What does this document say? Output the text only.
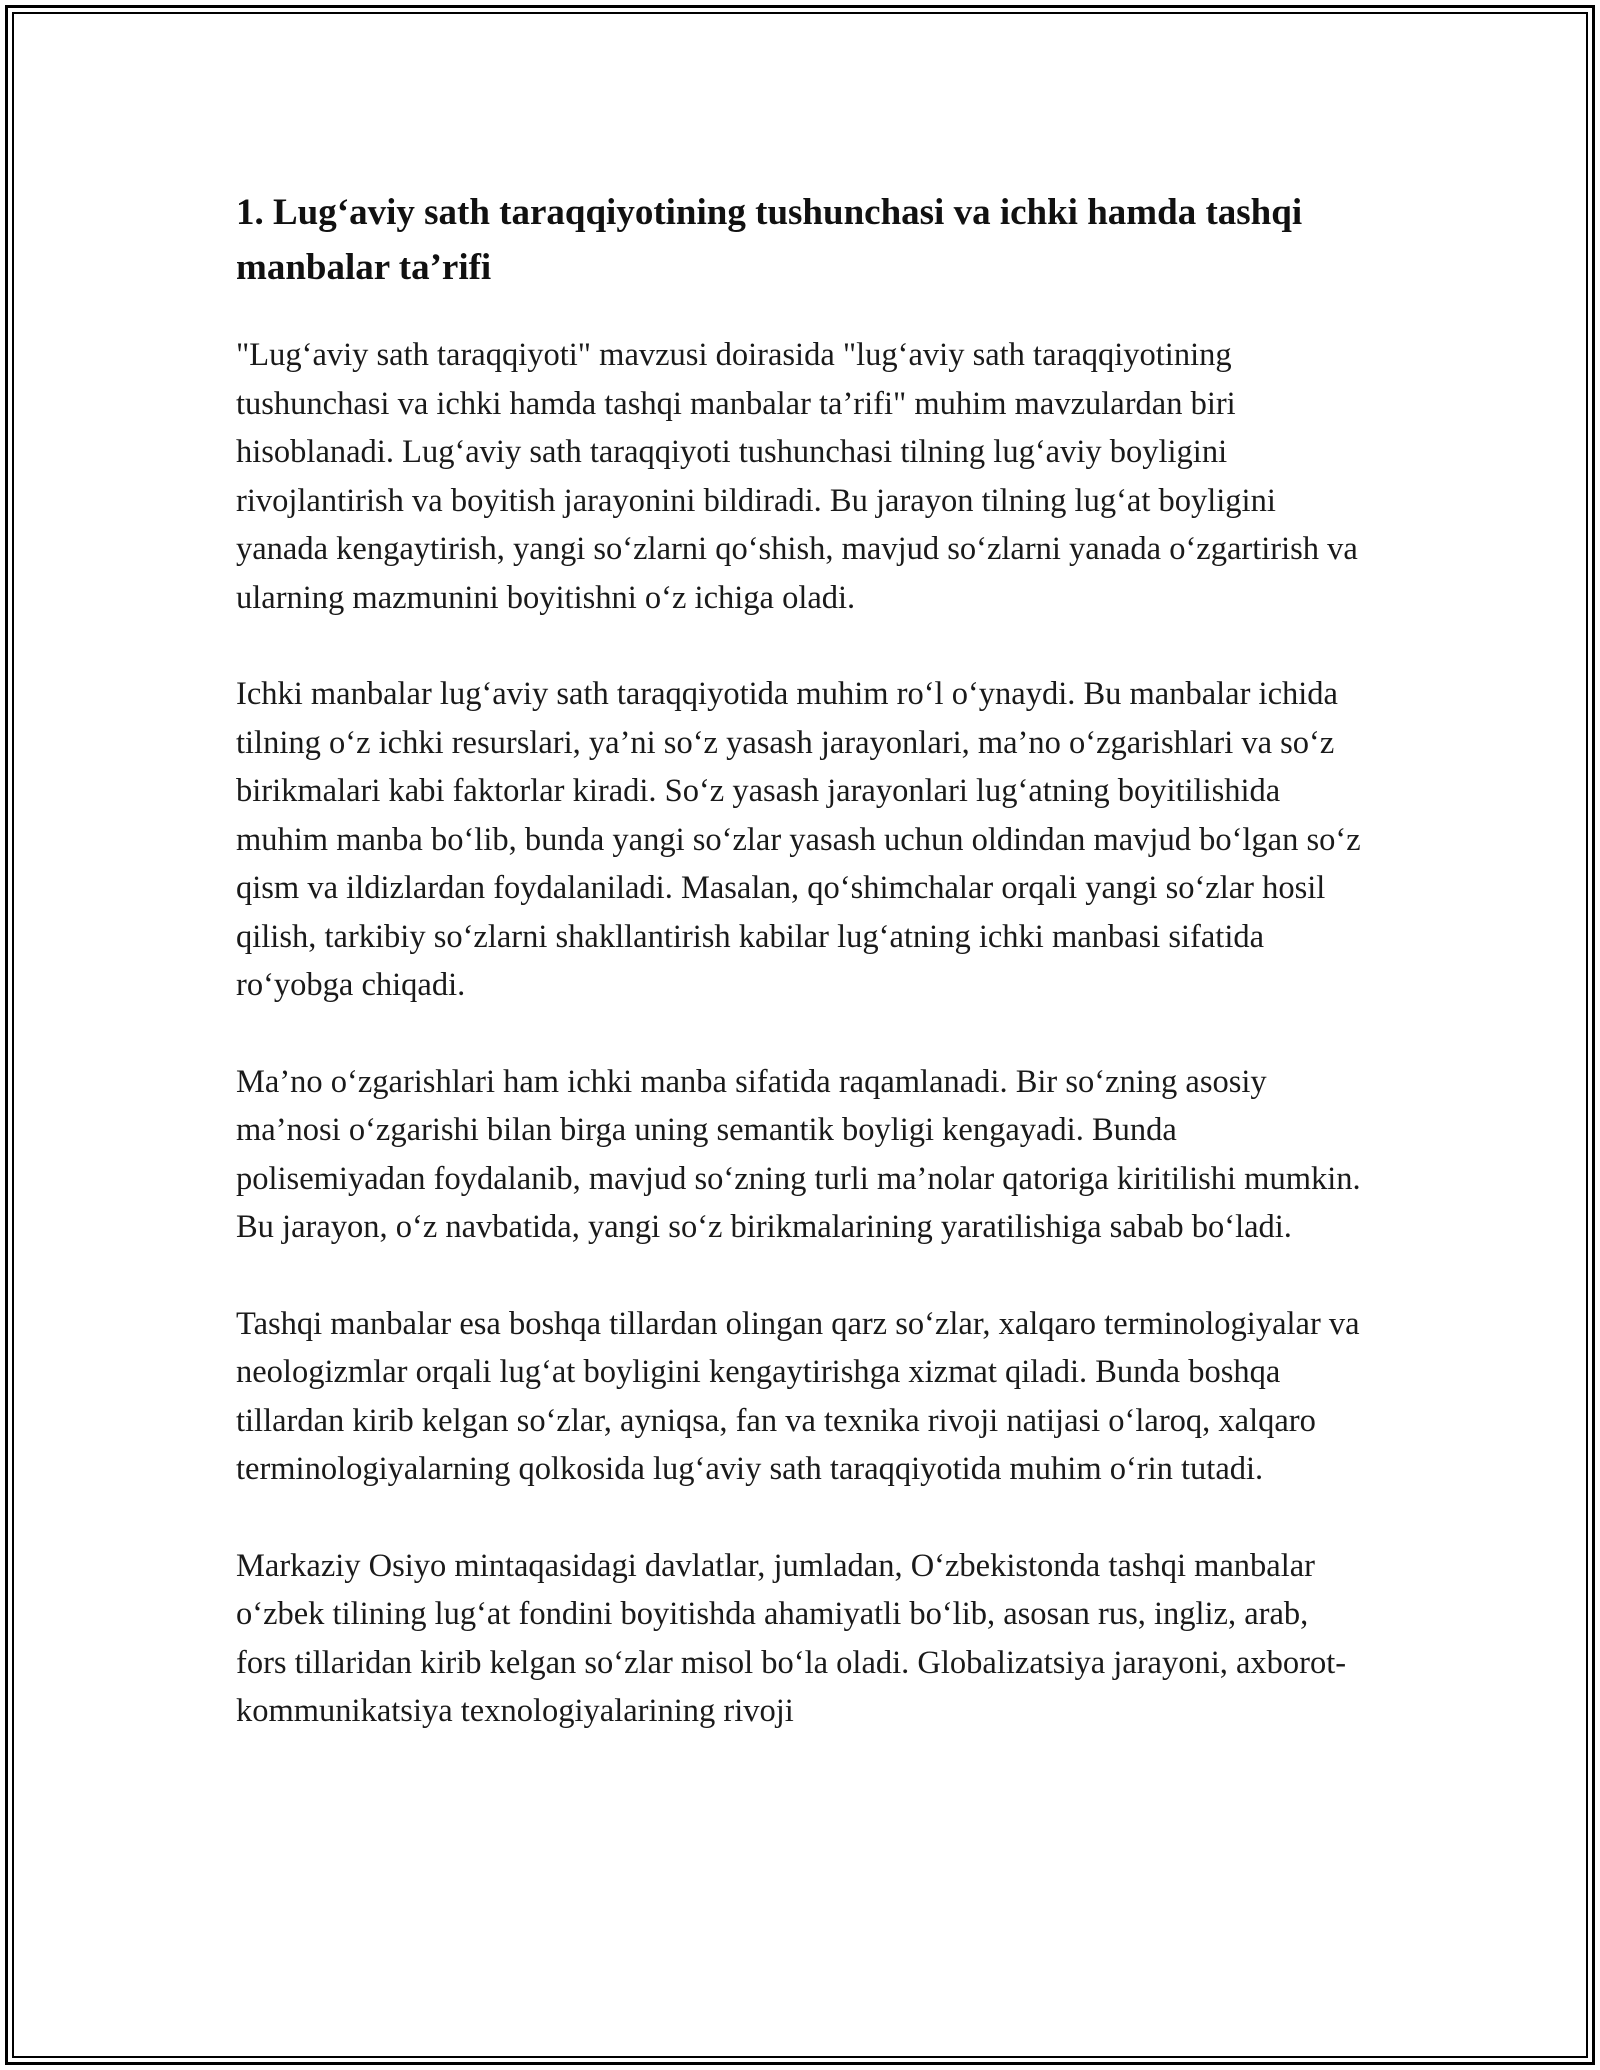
1. Lug‘aviy sath taraqqiyotining tushunchasi va ichki hamda tashqi manbalar ta’rifi

"Lug‘aviy sath taraqqiyoti" mavzusi doirasida "lug‘aviy sath taraqqiyotining tushunchasi va ichki hamda tashqi manbalar ta’rifi" muhim mavzulardan biri hisoblanadi. Lug‘aviy sath taraqqiyoti tushunchasi tilning lug‘aviy boyligini rivojlantirish va boyitish jarayonini bildiradi. Bu jarayon tilning lug‘at boyligini yanada kengaytirish, yangi so‘zlarni qo‘shish, mavjud so‘zlarni yanada o‘zgartirish va ularning mazmunini boyitishni o‘z ichiga oladi.

Ichki manbalar lug‘aviy sath taraqqiyotida muhim ro‘l o‘ynaydi. Bu manbalar ichida tilning o‘z ichki resurslari, ya’ni so‘z yasash jarayonlari, ma’no o‘zgarishlari va so‘z birikmalari kabi faktorlar kiradi. So‘z yasash jarayonlari lug‘atning boyitilishida muhim manba bo‘lib, bunda yangi so‘zlar yasash uchun oldindan mavjud bo‘lgan so‘z qism va ildizlardan foydalaniladi. Masalan, qo‘shimchalar orqali yangi so‘zlar hosil qilish, tarkibiy so‘zlarni shakllantirish kabilar lug‘atning ichki manbasi sifatida ro‘yobga chiqadi.

Ma’no o‘zgarishlari ham ichki manba sifatida raqamlanadi. Bir so‘zning asosiy ma’nosi o‘zgarishi bilan birga uning semantik boyligi kengayadi. Bunda polisemiyadan foydalanib, mavjud so‘zning turli ma’nolar qatoriga kiritilishi mumkin. Bu jarayon, o‘z navbatida, yangi so‘z birikmalarining yaratilishiga sabab bo‘ladi.

Tashqi manbalar esa boshqa tillardan olingan qarz so‘zlar, xalqaro terminologiyalar va neologizmlar orqali lug‘at boyligini kengaytirishga xizmat qiladi. Bunda boshqa tillardan kirib kelgan so‘zlar, ayniqsa, fan va texnika rivoji natijasi o‘laroq, xalqaro terminologiyalarning qolkosida lug‘aviy sath taraqqiyotida muhim o‘rin tutadi.

Markaziy Osiyo mintaqasidagi davlatlar, jumladan, O‘zbekistonda tashqi manbalar o‘zbek tilining lug‘at fondini boyitishda ahamiyatli bo‘lib, asosan rus, ingliz, arab, fors tillaridan kirib kelgan so‘zlar misol bo‘la oladi. Globalizatsiya jarayoni, axborot-kommunikatsiya texnologiyalarining rivoji
